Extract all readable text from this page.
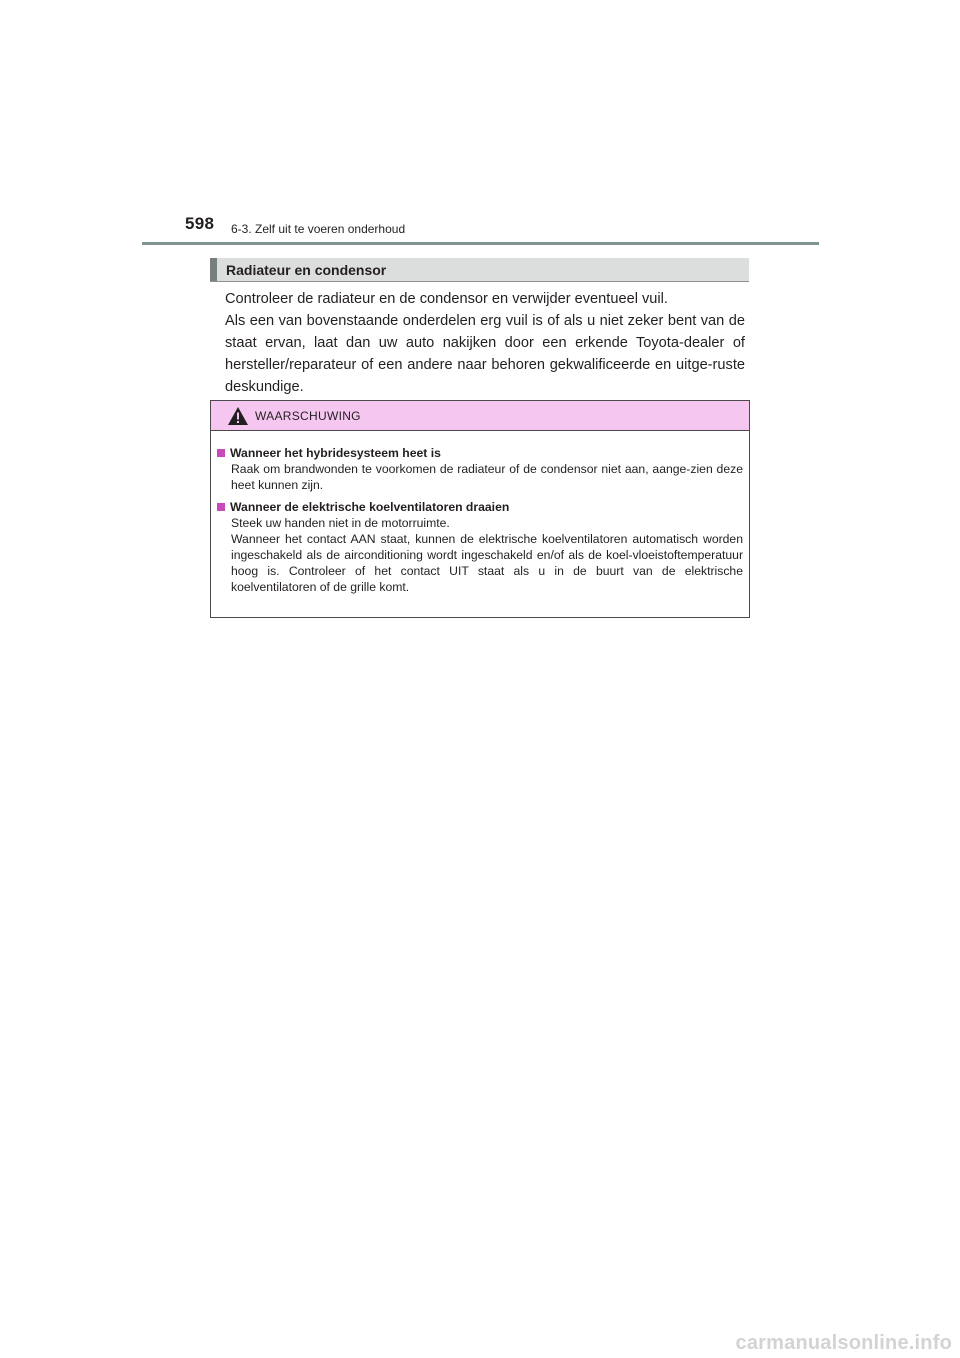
598 6-3. Zelf uit te voeren onderhoud
Radiateur en condensor

Controleer de radiateur en de condensor en verwijder eventueel vuil.

Als een van bovenstaande onderdelen erg vuil is of als u niet zeker bent van de staat ervan, laat dan uw auto nakijken door een erkende Toyota-dealer of hersteller/reparateur of een andere naar behoren gekwalificeerde en uitge-ruste deskundige.

WAARSCHUWING
Wanneer het hybridesysteem heet is

Raak om brandwonden te voorkomen de radiateur of de condensor niet aan, aange-zien deze heet kunnen zijn.

Wanneer de elektrische koelventilatoren draaien

Steek uw handen niet in de motorruimte.

Wanneer het contact AAN staat, kunnen de elektrische koelventilatoren automatisch worden ingeschakeld als de airconditioning wordt ingeschakeld en/of als de koel-vloeistoftemperatuur hoog is. Controleer of het contact UIT staat als u in de buurt van de elektrische koelventilatoren of de grille komt.

carmanualsonline.info
